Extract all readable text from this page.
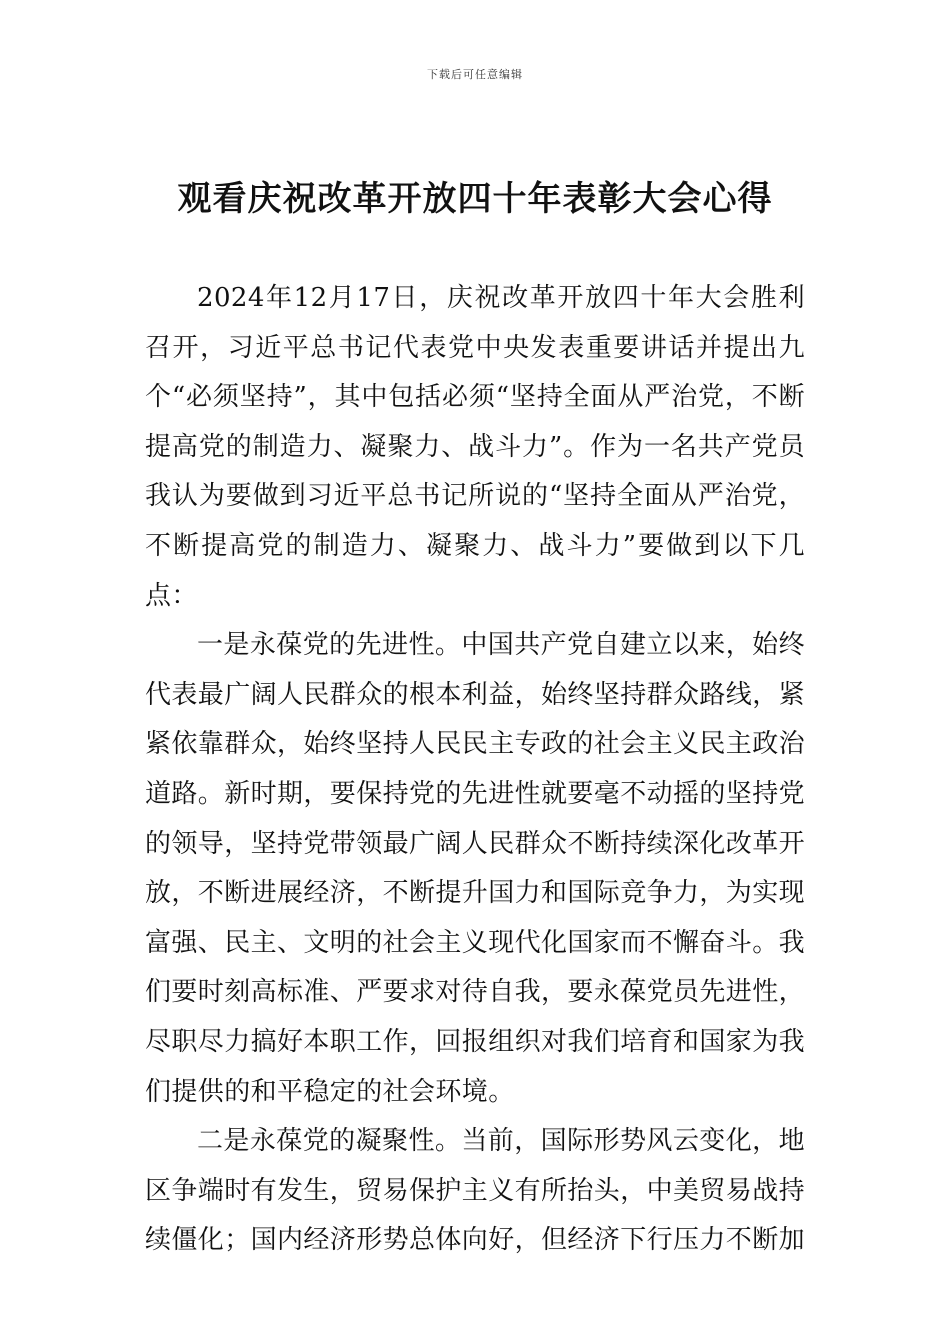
下载后可任意编辑
观看庆祝改革开放四十年表彰大会心得

2024年12月17日，庆祝改革开放四十年大会胜利召开，习近平总书记代表党中央发表重要讲话并提出九个“必须坚持”，其中包括必须“坚持全面从严治党，不断提高党的制造力、凝聚力、战斗力”。作为一名共产党员我认为要做到习近平总书记所说的“坚持全面从严治党，不断提高党的制造力、凝聚力、战斗力”要做到以下几点：

一是永葆党的先进性。中国共产党自建立以来，始终代表最广阔人民群众的根本利益，始终坚持群众路线，紧紧依靠群众，始终坚持人民民主专政的社会主义民主政治道路。新时期，要保持党的先进性就要毫不动摇的坚持党的领导，坚持党带领最广阔人民群众不断持续深化改革开放，不断进展经济，不断提升国力和国际竞争力，为实现富强、民主、文明的社会主义现代化国家而不懈奋斗。我们要时刻高标准、严要求对待自我，要永葆党员先进性，尽职尽力搞好本职工作，回报组织对我们培育和国家为我们提供的和平稳定的社会环境。

二是永葆党的凝聚性。当前，国际形势风云变化，地区争端时有发生，贸易保护主义有所抬头，中美贸易战持续僵化；国内经济形势总体向好，但经济下行压力不断加
